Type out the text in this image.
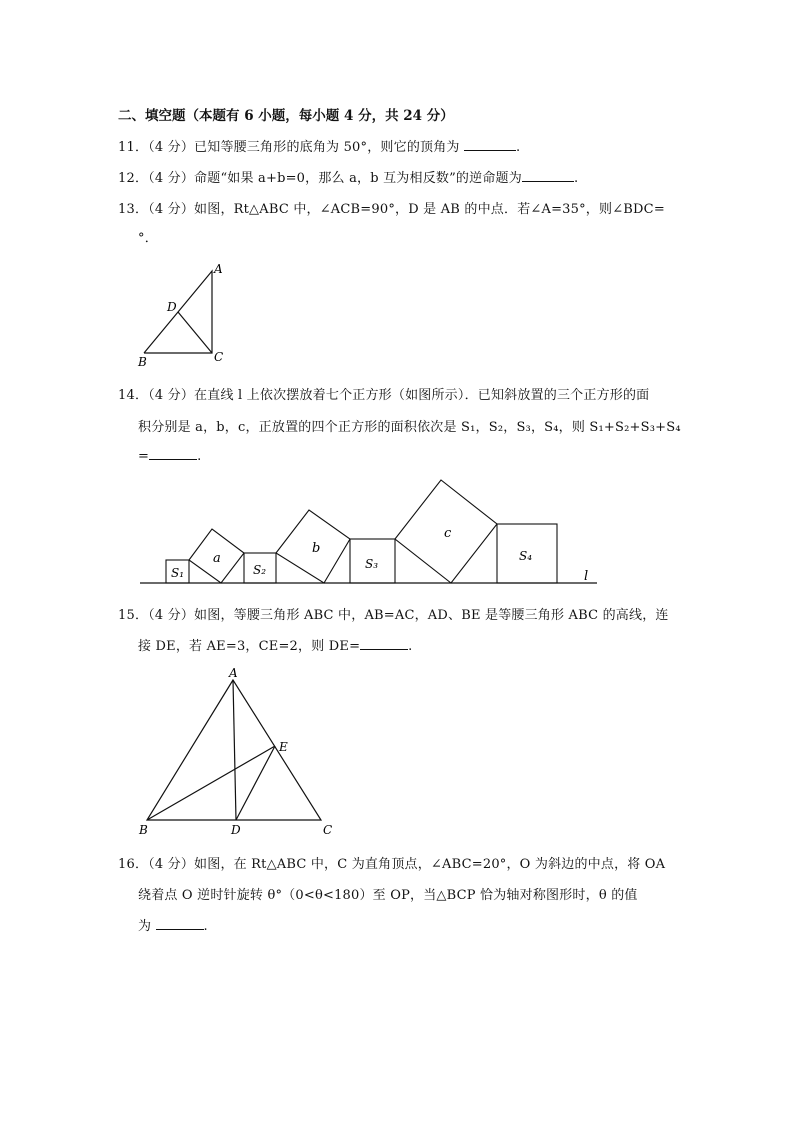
二、填空题（本题有 6 小题，每小题 4 分，共 24 分）
11．（4 分）已知等腰三角形的底角为 50°，则它的顶角为	.
12．（4 分）命题“如果 a+b=0，那么 a，b 互为相反数”的逆命题为	.
13．（4 分）如图，Rt△ABC 中，∠ACB=90°，D 是 AB 的中点．若∠A=35°，则∠BDC=
°．
A
D
B	C
14．（4 分）在直线 l 上依次摆放着七个正方形（如图所示）．已知斜放置的三个正方形的面
积分别是 a，b，c，正放置的四个正方形的面积依次是 S₁，S₂，S₃，S₄，则 S₁+S₂+S₃+S₄
=	.
S₁	S₂	S₃
S₄
a
b
c
l
15．（4 分）如图，等腰三角形 ABC 中，AB=AC，AD、BE 是等腰三角形 ABC 的高线，连
接 DE，若 AE=3，CE=2，则 DE=	.
A
E
B	D	C
16．（4 分）如图，在 Rt△ABC 中，C 为直角顶点，∠ABC=20°，O 为斜边的中点，将 OA
绕着点 O 逆时针旋转 θ°（0<θ<180）至 OP，当△BCP 恰为轴对称图形时，θ 的值
为	.
